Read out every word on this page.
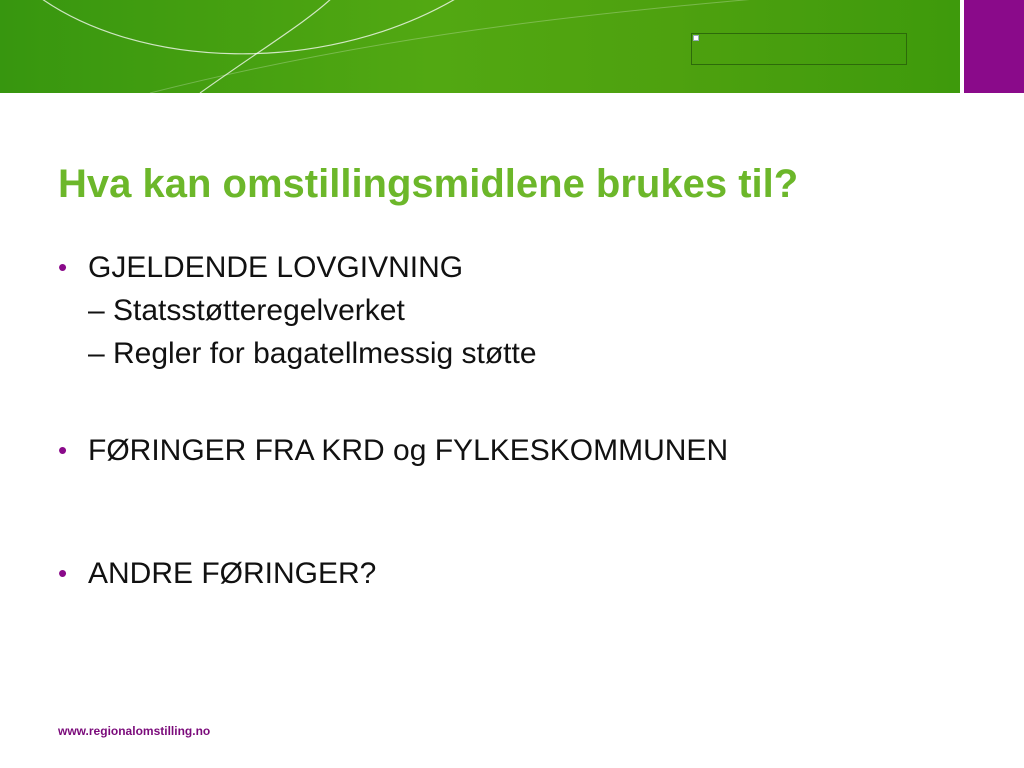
Hva kan omstillingsmidlene brukes til?
• GJELDENDE LOVGIVNING
– Statsstøtteregelverket
– Regler for bagatellmessig støtte
• FØRINGER FRA KRD og FYLKESKOMMUNEN
• ANDRE FØRINGER?
www.regionalomstilling.no
